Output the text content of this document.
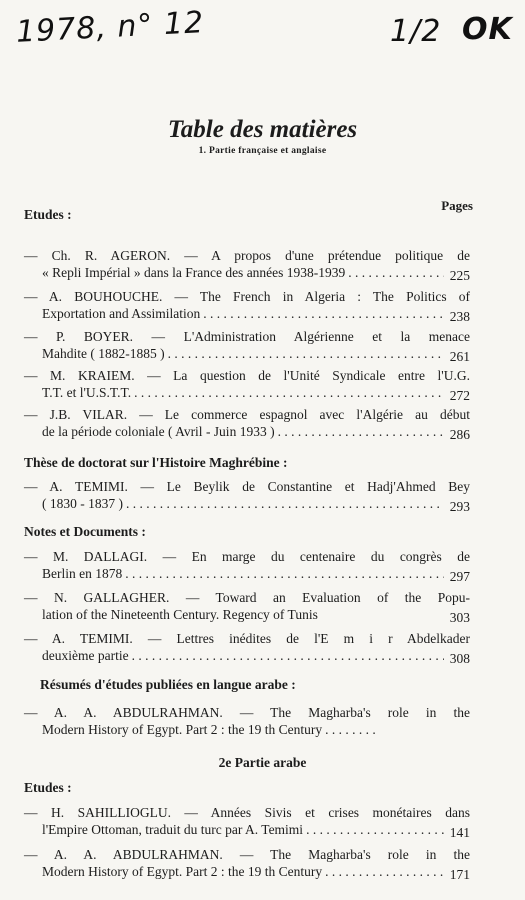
1978, n° 12	1/2 OK
Table des matières
1. Partie française et anglaise
Pages
Etudes :
— Ch. R. AGERON. — A propos d'une prétendue politique de
« Repli Impérial » dans la France des années 1938-1939 . . .	225
— A. BOUHOUCHE. — The French in Algeria : The Politics of
Exportation and Assimilation . . .	238
— P. BOYER. — L'Administration Algérienne et la menace
Mahdite ( 1882-1885 ) . . .	261
— M. KRAIEM. — La question de l'Unité Syndicale entre l'U.G.
T.T. et l'U.S.T.T. . . .	272
— J.B. VILAR. — Le commerce espagnol avec l'Algérie au début
de la période coloniale ( Avril - Juin 1933 ) . . .	286
Thèse de doctorat sur l'Histoire Maghrébine :
— A. TEMIMI. — Le Beylik de Constantine et Hadj'Ahmed Bey
( 1830 - 1837 ) . . .	293
Notes et Documents :
— M. DALLAGI. — En marge du centenaire du congrès de
Berlin en 1878 . . .	297
— N. GALLAGHER. — Toward an Evaluation of the Popu-
lation of the Nineteenth Century. Regency of Tunis	303
— A. TEMIMI. — Lettres inédites de l'E m i r Abdelkader
deuxième partie . . .	308
Résumés d'études publiées en langue arabe :
— A. A. ABDULRAHMAN. — The Magharba's role in the
Modern History of Egypt. Part 2 : the 19 th Century
. . .
2e Partie arabe
Etudes :
— H. SAHILLIOGLU. — Années Sivis et crises monétaires dans
l'Empire Ottoman, traduit du turc par A. Temimi . . .	141
— A. A. ABDULRAHMAN. — The Magharba's role in the
Modern History of Egypt. Part 2 : the 19 th Century . . .	171
